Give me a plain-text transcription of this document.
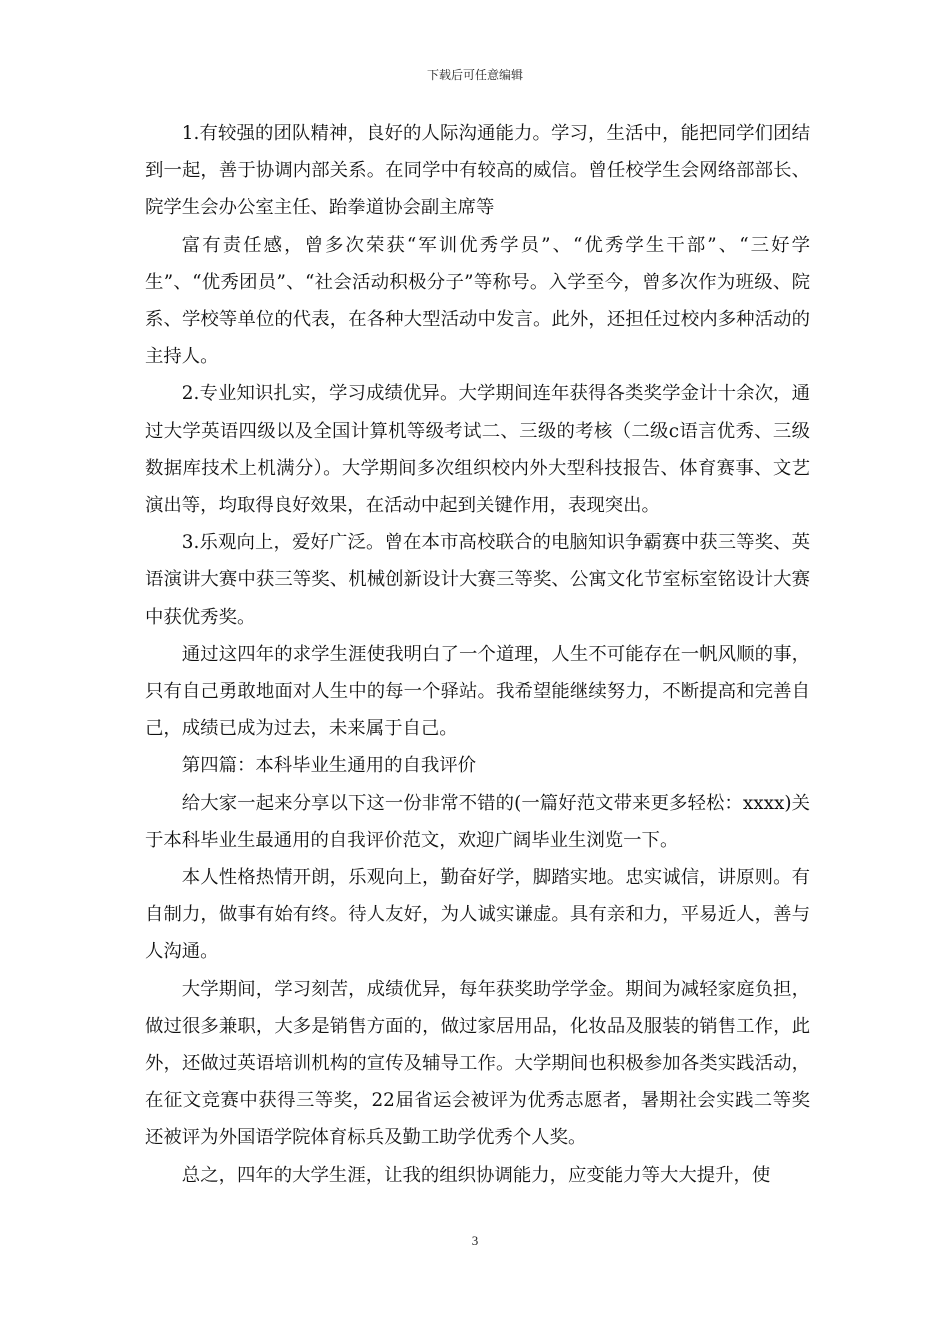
下载后可任意编辑

1.有较强的团队精神，良好的人际沟通能力。学习，生活中，能把同学们团结到一起，善于协调内部关系。在同学中有较高的威信。曾任校学生会网络部部长、院学生会办公室主任、跆拳道协会副主席等

富有责任感，曾多次荣获“军训优秀学员”、“优秀学生干部”、“三好学生”、“优秀团员”、“社会活动积极分子”等称号。入学至今，曾多次作为班级、院系、学校等单位的代表，在各种大型活动中发言。此外，还担任过校内多种活动的主持人。

2.专业知识扎实，学习成绩优异。大学期间连年获得各类奖学金计十余次，通过大学英语四级以及全国计算机等级考试二、三级的考核（二级c语言优秀、三级数据库技术上机满分）。大学期间多次组织校内外大型科技报告、体育赛事、文艺演出等，均取得良好效果，在活动中起到关键作用，表现突出。

3.乐观向上，爱好广泛。曾在本市高校联合的电脑知识争霸赛中获三等奖、英语演讲大赛中获三等奖、机械创新设计大赛三等奖、公寓文化节室标室铭设计大赛中获优秀奖。

通过这四年的求学生涯使我明白了一个道理，人生不可能存在一帆风顺的事，只有自己勇敢地面对人生中的每一个驿站。我希望能继续努力，不断提高和完善自己，成绩已成为过去，未来属于自己。

第四篇：本科毕业生通用的自我评价

给大家一起来分享以下这一份非常不错的(一篇好范文带来更多轻松：xxxx)关于本科毕业生最通用的自我评价范文，欢迎广阔毕业生浏览一下。

本人性格热情开朗，乐观向上，勤奋好学，脚踏实地。忠实诚信，讲原则。有自制力，做事有始有终。待人友好，为人诚实谦虚。具有亲和力，平易近人，善与人沟通。

大学期间，学习刻苦，成绩优异，每年获奖助学学金。期间为减轻家庭负担，做过很多兼职，大多是销售方面的，做过家居用品，化妆品及服装的销售工作，此外，还做过英语培训机构的宣传及辅导工作。大学期间也积极参加各类实践活动，在征文竞赛中获得三等奖，22届省运会被评为优秀志愿者，暑期社会实践二等奖还被评为外国语学院体育标兵及勤工助学优秀个人奖。

总之，四年的大学生涯，让我的组织协调能力，应变能力等大大提升，使

3
